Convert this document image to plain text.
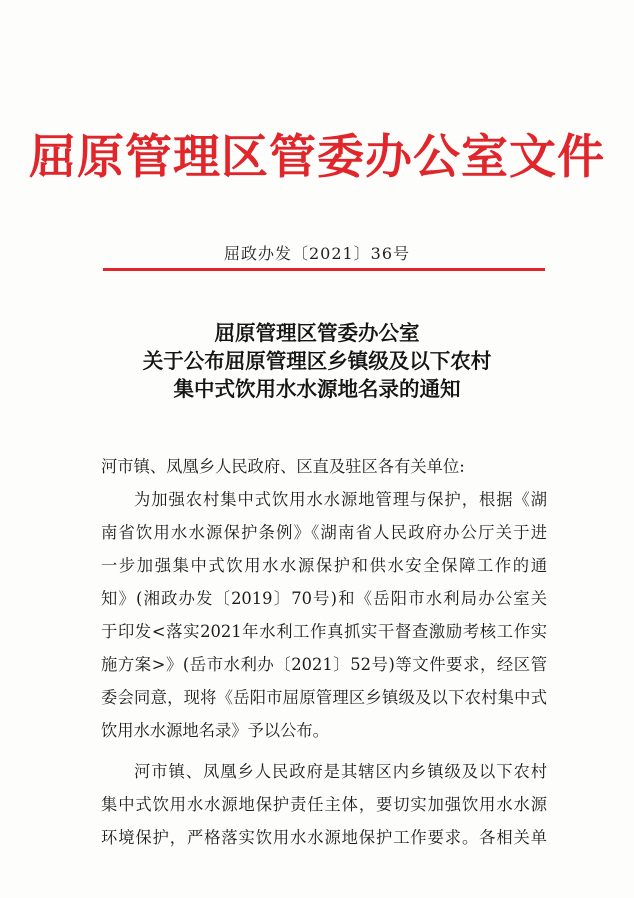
屈原管理区管委办公室文件
屈政办发〔2021〕36号
屈原管理区管委办公室
关于公布屈原管理区乡镇级及以下农村
集中式饮用水水源地名录的通知
河市镇、凤凰乡人民政府、区直及驻区各有关单位:
为加强农村集中式饮用水水源地管理与保护，根据《湖
南省饮用水水源保护条例》《湖南省人民政府办公厅关于进
一步加强集中式饮用水水源保护和供水安全保障工作的通
知》(湘政办发〔2019〕70号)和《岳阳市水利局办公室关
于印发<落实2021年水利工作真抓实干督查激励考核工作实
施方案>》(岳市水利办〔2021〕52号)等文件要求，经区管
委会同意，现将《岳阳市屈原管理区乡镇级及以下农村集中式
饮用水水源地名录》予以公布。
河市镇、凤凰乡人民政府是其辖区内乡镇级及以下农村
集中式饮用水水源地保护责任主体，要切实加强饮用水水源
环境保护，严格落实饮用水水源地保护工作要求。各相关单
